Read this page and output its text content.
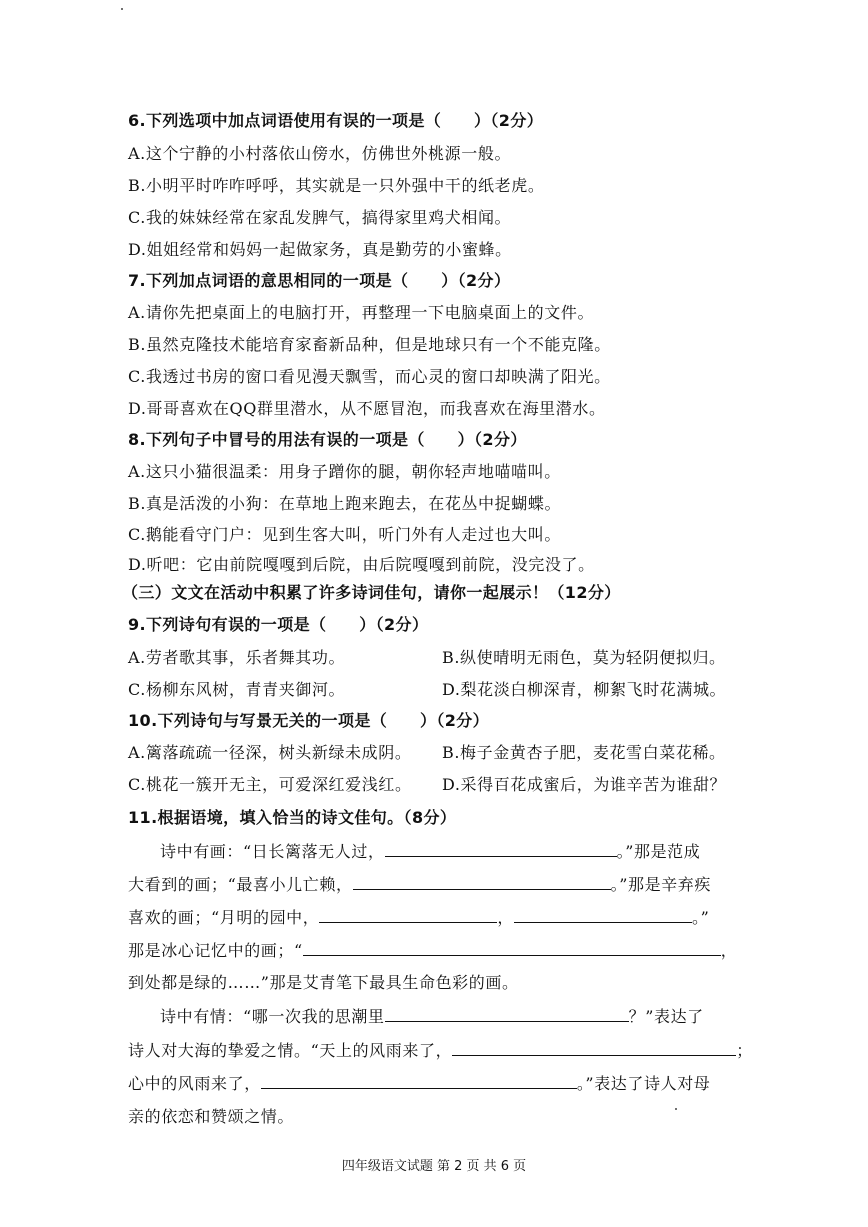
6.下列选项中加点词语使用有误的一项是（　　）（2分）
A.这个宁静的小村落依山傍水，仿佛世外桃源一般。
B.小明平时咋咋呼呼，其实就是一只外强中干的纸老虎。
C.我的妹妹经常在家乱发脾气，搞得家里鸡犬相闻。
D.姐姐经常和妈妈一起做家务，真是勤劳的小蜜蜂。
7.下列加点词语的意思相同的一项是（　　）（2分）
A.请你先把桌面上的电脑打开，再整理一下电脑桌面上的文件。
B.虽然克隆技术能培育家畜新品种，但是地球只有一个不能克隆。
C.我透过书房的窗口看见漫天飘雪，而心灵的窗口却映满了阳光。
D.哥哥喜欢在QQ群里潜水，从不愿冒泡，而我喜欢在海里潜水。
8.下列句子中冒号的用法有误的一项是（　　）（2分）
A.这只小猫很温柔：用身子蹭你的腿，朝你轻声地喵喵叫。
B.真是活泼的小狗：在草地上跑来跑去，在花丛中捉蝴蝶。
C.鹅能看守门户：见到生客大叫，听门外有人走过也大叫。
D.听吧：它由前院嘎嘎到后院，由后院嘎嘎到前院，没完没了。
（三）文文在活动中积累了许多诗词佳句，请你一起展示！（12分）
9.下列诗句有误的一项是（　　）（2分）
A.劳者歌其事，乐者舞其功。	B.纵使晴明无雨色，莫为轻阴便拟归。
C.杨柳东风树，青青夹御河。	D.梨花淡白柳深青，柳絮飞时花满城。
10.下列诗句与写景无关的一项是（　　）（2分）
A.篱落疏疏一径深，树头新绿未成阴。 B.梅子金黄杏子肥，麦花雪白菜花稀。
C.桃花一簇开无主，可爱深红爱浅红。 D.采得百花成蜜后，为谁辛苦为谁甜？
11.根据语境，填入恰当的诗文佳句。（8分）
诗中有画：“日长篱落无人过，	。”那是范成
大看到的画；“最喜小儿亡赖，	。”那是辛弃疾
喜欢的画；“月明的园中，	，	。”
那是冰心记忆中的画；“	，
到处都是绿的……”那是艾青笔下最具生命色彩的画。
诗中有情：“哪一次我的思潮里	？”表达了
诗人对大海的挚爱之情。“天上的风雨来了，	；
心中的风雨来了，	。”表达了诗人对母
亲的依恋和赞颂之情。
四年级语文试题 第 2 页 共 6 页
